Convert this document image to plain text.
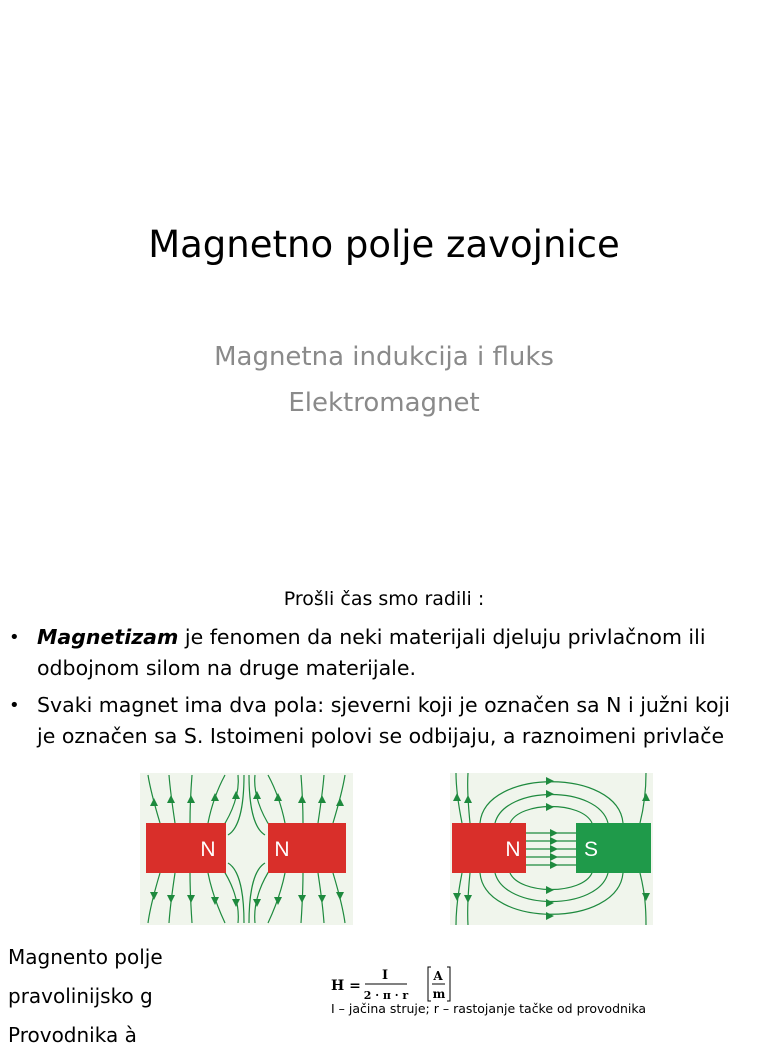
Magnetno polje zavojnice
Magnetna indukcija i fluks
Elektromagnet
Prošli čas smo radili :
• Magnetizam je fenomen da neki materijali djeluju privlačnom ili odbojnom silom na druge materijale.
• Svaki magnet ima dva pola: sjeverni koji je označen sa N i južni koji je označen sa S. Istoimeni polovi se odbijaju, a raznoimeni privlače
N	N	N	S
Magnento polje
pravolinijsko g
Provodnika à
H =
I
2 · π · r
A
m
I – jačina struje; r – rastojanje tačke od provodnika
